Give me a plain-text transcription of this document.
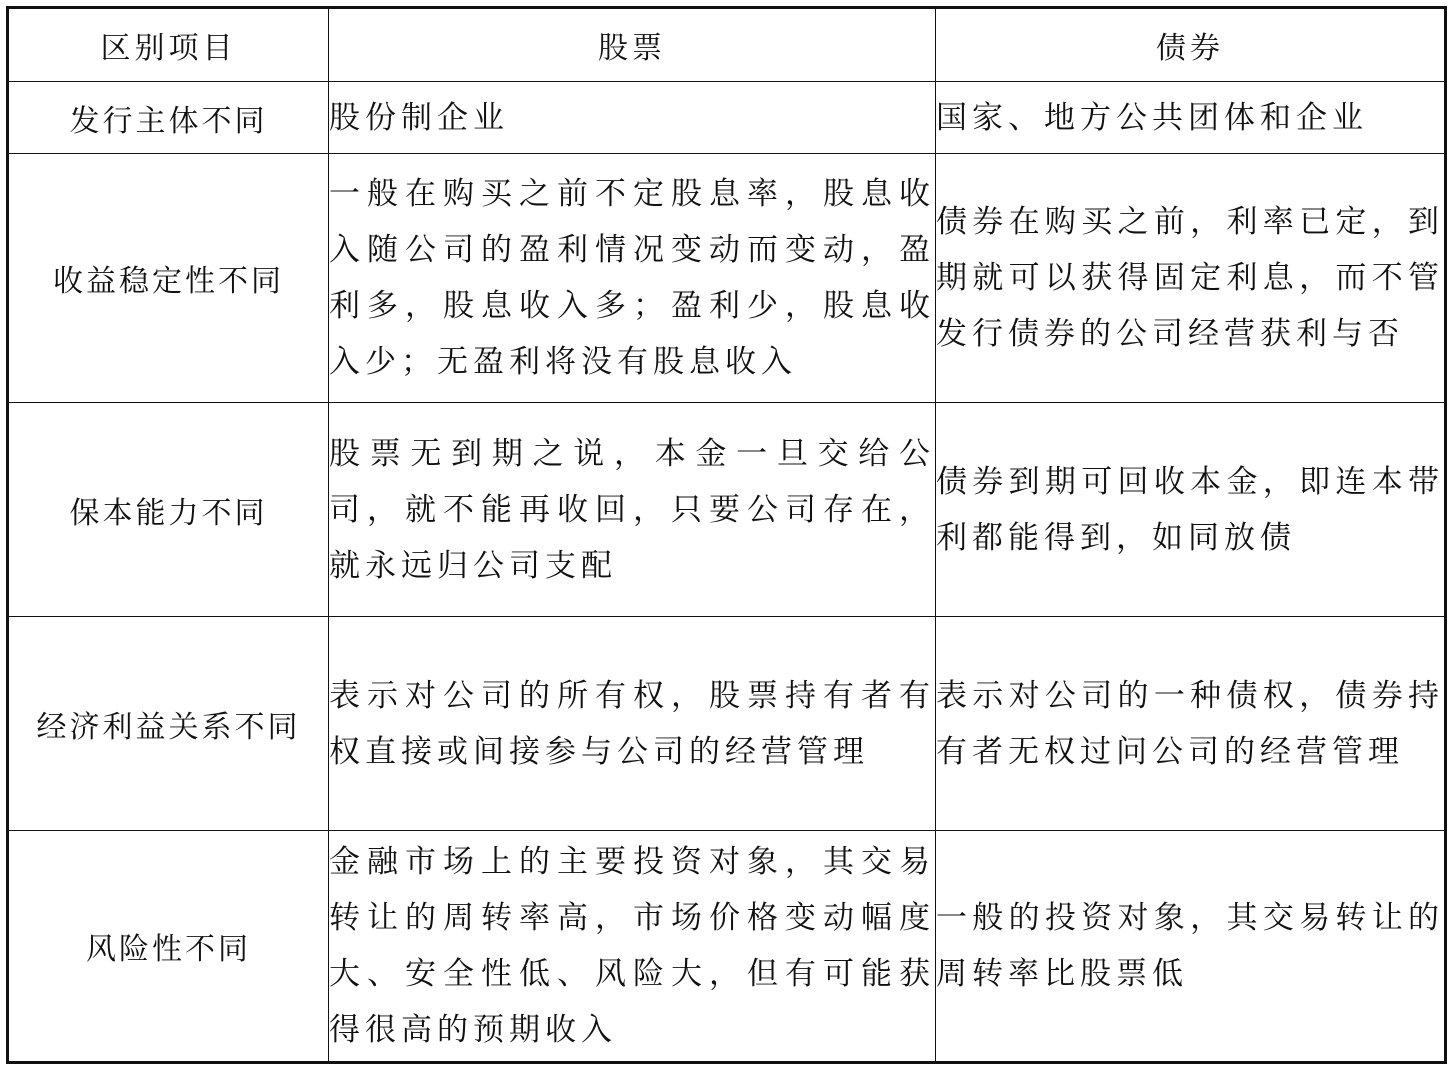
区别项目	股票	债券
发行主体不同	股份制企业	国家、地方公共团体和企业
收益稳定性不同	一般在购买之前不定股息率，股息收入随公司的盈利情况变动而变动，盈利多，股息收入多；盈利少，股息收入少；无盈利将没有股息收入	债券在购买之前，利率已定，到期就可以获得固定利息，而不管发行债券的公司经营获利与否
保本能力不同	股票无到期之说，本金一旦交给公司，就不能再收回，只要公司存在，就永远归公司支配	债券到期可回收本金，即连本带利都能得到，如同放债
经济利益关系不同	表示对公司的所有权，股票持有者有权直接或间接参与公司的经营管理	表示对公司的一种债权，债券持有者无权过问公司的经营管理
风险性不同	金融市场上的主要投资对象，其交易转让的周转率高，市场价格变动幅度大、安全性低、风险大，但有可能获得很高的预期收入	一般的投资对象，其交易转让的周转率比股票低
